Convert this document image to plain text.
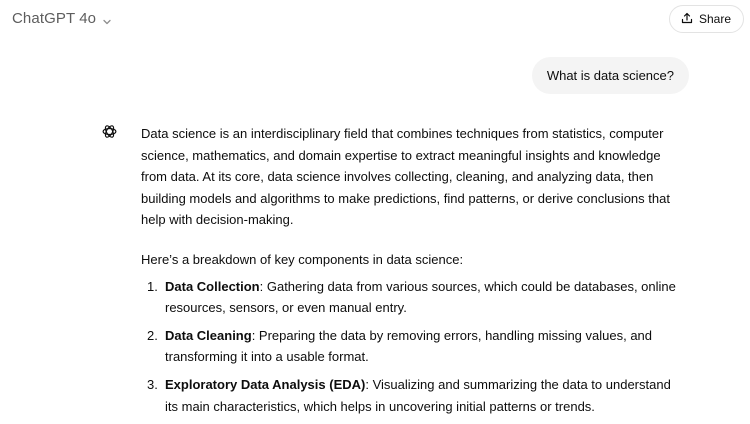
ChatGPT 4o	Share
What is data science?

Data science is an interdisciplinary field that combines techniques from statistics, computer science, mathematics, and domain expertise to extract meaningful insights and knowledge from data. At its core, data science involves collecting, cleaning, and analyzing data, then building models and algorithms to make predictions, find patterns, or derive conclusions that help with decision-making.

Here’s a breakdown of key components in data science:

1. Data Collection: Gathering data from various sources, which could be databases, online resources, sensors, or even manual entry.
2. Data Cleaning: Preparing the data by removing errors, handling missing values, and transforming it into a usable format.
3. Exploratory Data Analysis (EDA): Visualizing and summarizing the data to understand its main characteristics, which helps in uncovering initial patterns or trends.
